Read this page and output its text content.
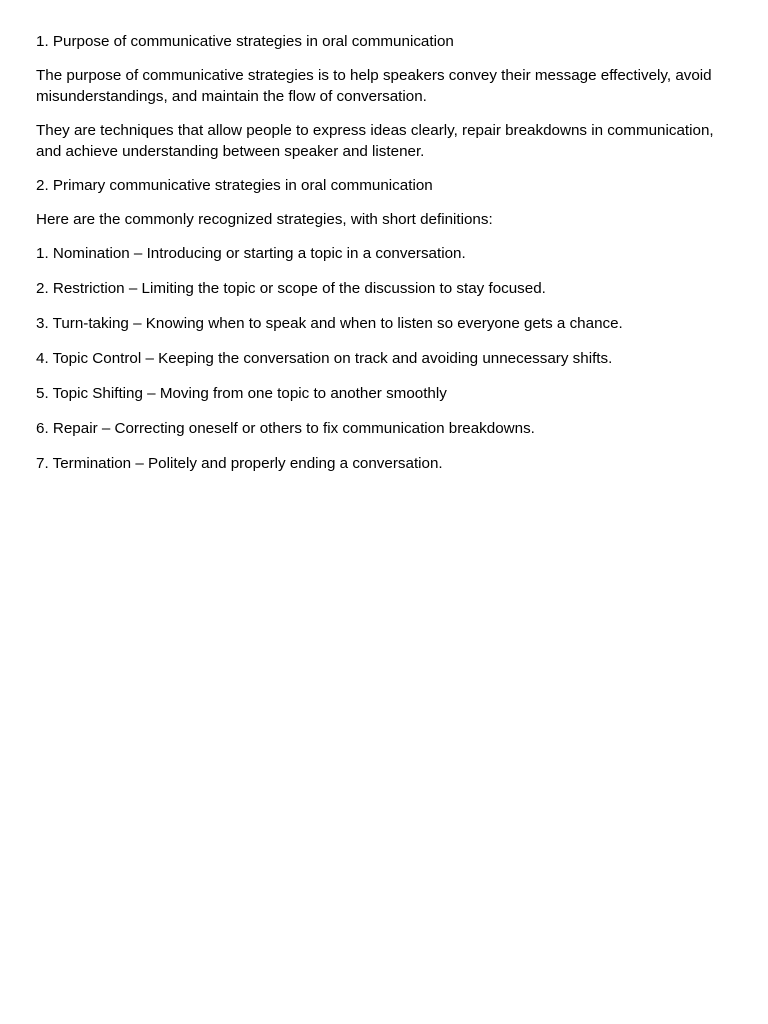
1. Purpose of communicative strategies in oral communication

The purpose of communicative strategies is to help speakers convey their message effectively, avoid misunderstandings, and maintain the flow of conversation.

They are techniques that allow people to express ideas clearly, repair breakdowns in communication, and achieve understanding between speaker and listener.

2. Primary communicative strategies in oral communication

Here are the commonly recognized strategies, with short definitions:

1. Nomination – Introducing or starting a topic in a conversation.
2. Restriction – Limiting the topic or scope of the discussion to stay focused.
3. Turn-taking – Knowing when to speak and when to listen so everyone gets a chance.
4. Topic Control – Keeping the conversation on track and avoiding unnecessary shifts.
5. Topic Shifting – Moving from one topic to another smoothly
6. Repair – Correcting oneself or others to fix communication breakdowns.
7. Termination – Politely and properly ending a conversation.
